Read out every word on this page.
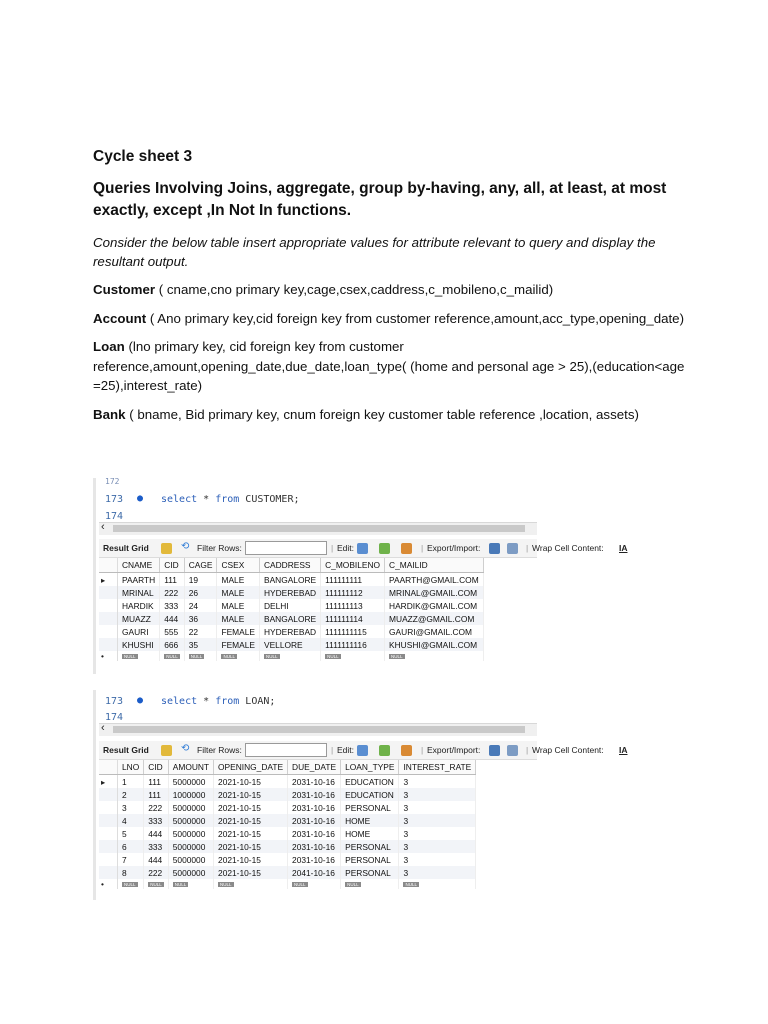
Cycle sheet 3
Queries Involving Joins, aggregate, group by-having, any, all, at least, at most exactly, except ,In Not In functions.
Consider the below table insert appropriate values for attribute relevant to query and display the resultant output.
Customer ( cname,cno primary key,cage,csex,caddress,c_mobileno,c_mailid)
Account ( Ano primary key,cid foreign key from customer reference,amount,acc_type,opening_date)
Loan (lno primary key, cid foreign key from customer reference,amount,opening_date,due_date,loan_type( (home and personal age > 25),(education<age =25),interest_rate)
Bank ( bname, Bid primary key, cnum foreign key customer table reference ,location, assets)
172
173 ● select * from CUSTOMER;
174
‹
Result Grid	⟲ Filter Rows:	| Edit:	| Export/Import:	| Wrap Cell Content: IA
	CNAME	CID	CAGE	CSEX	CADDRESS	C_MOBILENO	C_MAILID
▸	PAARTH	111	19	MALE	BANGALORE	111111111	PAARTH@GMAIL.COM
	MRINAL	222	26	MALE	HYDEREBAD	111111112	MRINAL@GMAIL.COM
	HARDIK	333	24	MALE	DELHI	111111113	HARDIK@GMAIL.COM
	MUAZZ	444	36	MALE	BANGALORE	111111114	MUAZZ@GMAIL.COM
	GAURI	555	22	FEMALE	HYDEREBAD	1111111115	GAURI@GMAIL.COM
	KHUSHI	666	35	FEMALE	VELLORE	1111111116	KHUSHI@GMAIL.COM
•	NULL	NULL	NULL	NULL	NULL	NULL	NULL
173 ● select * from LOAN;
174
‹
Result Grid	⟲ Filter Rows:	| Edit:	| Export/Import:	| Wrap Cell Content: IA
	LNO	CID	AMOUNT	OPENING_DATE	DUE_DATE	LOAN_TYPE	INTEREST_RATE
▸	1	111	5000000	2021-10-15	2031-10-16	EDUCATION	3
	2	111	1000000	2021-10-15	2031-10-16	EDUCATION	3
	3	222	5000000	2021-10-15	2031-10-16	PERSONAL	3
	4	333	5000000	2021-10-15	2031-10-16	HOME	3
	5	444	5000000	2021-10-15	2031-10-16	HOME	3
	6	333	5000000	2021-10-15	2031-10-16	PERSONAL	3
	7	444	5000000	2021-10-15	2031-10-16	PERSONAL	3
	8	222	5000000	2021-10-15	2041-10-16	PERSONAL	3
•	NULL	NULL	NULL	NULL	NULL	NULL	NULL
